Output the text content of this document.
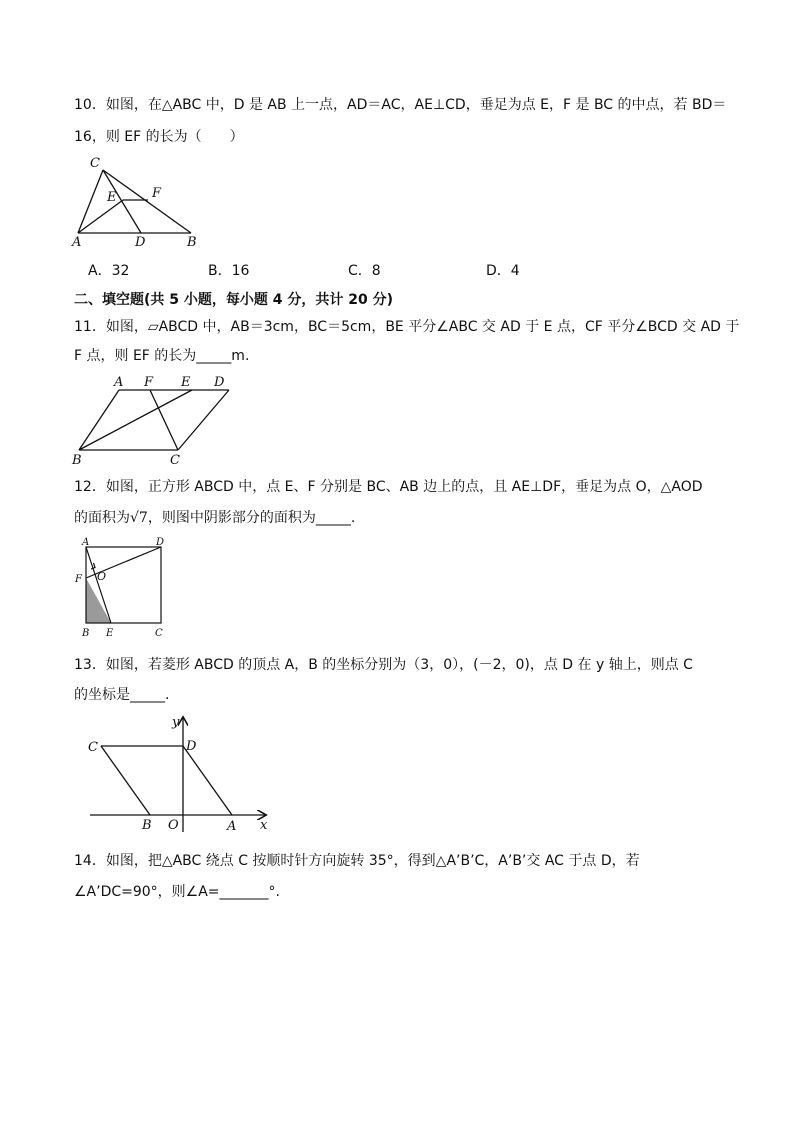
10．如图，在△ABC 中，D 是 AB 上一点，AD＝AC，AE⊥CD，垂足为点 E，F 是 BC 的中点，若 BD＝
16，则 EF 的长为（　　）
C
E	F
A	D	B
A．32	B．16	C．8	D．4
二、填空题(共 5 小题，每小题 4 分，共计 20 分)
11．如图，▱ABCD 中，AB＝3cm，BC＝5cm，BE 平分∠ABC 交 AD 于 E 点，CF 平分∠BCD 交 AD 于
F 点，则 EF 的长为_____m.
A F E D
B	C
12．如图，正方形 ABCD 中，点 E、F 分别是 BC、AB 边上的点，且 AE⊥DF，垂足为点 O，△AOD
的面积为√7，则图中阴影部分的面积为_____.
A	D
F O
B E	C
13．如图，若菱形 ABCD 的顶点 A，B 的坐标分别为（3，0），(－2，0)，点 D 在 y 轴上，则点 C
的坐标是_____.
y
C	D
B O	A x
14．如图，把△ABC 绕点 C 按顺时针方向旋转 35°，得到△A’B’C，A’B’交 AC 于点 D，若
∠A’DC=90°，则∠A=_______°.
